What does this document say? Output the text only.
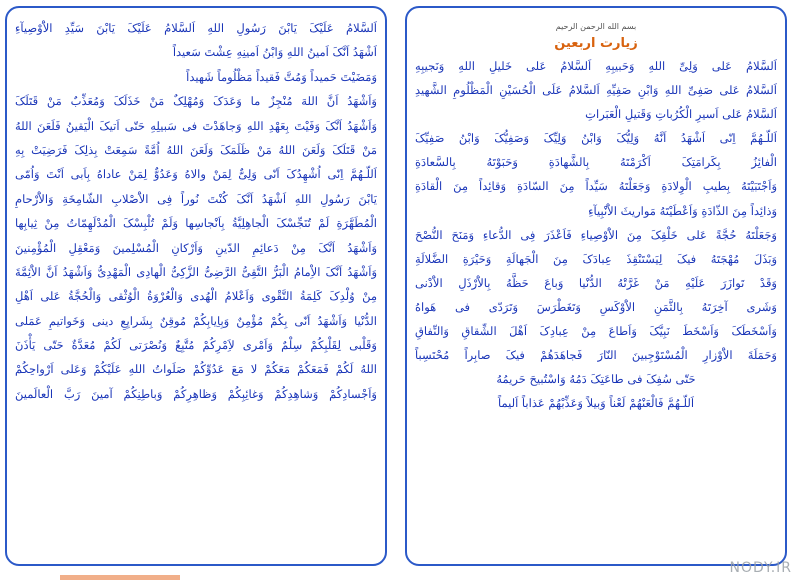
اَلسَّلامُ عَلَیْکَ یَابْنَ رَسُولِ اللهِ اَلسَّلامُ عَلَیْکَ یَابْنَ سَیِّدِ الاَْوْصِیآءِ
اَشْهَدُ اَنَّکَ اَمینُ اللهِ وَابْنُ اَمینِهِ عِشْتَ سَعیداً
وَمَضَیْتَ حَمیداً وَمُتَّ فَقیداً مَظْلُوماً شَهیداً
وَاَشْهَدُ اَنَّ اللهَ مُنْجِزٌ ما وَعَدَکَ وَمُهْلِکٌ مَنْ خَذَلَکَ وَمُعَذِّبٌ مَنْ قَتَلَکَ
وَاَشْهَدُ اَنَّکَ وَفَیْتَ بِعَهْدِ اللهِ وَجاهَدْتَ فی سَبیلِهِ حَتّی اَتیکَ الْیَقینُ فَلَعَنَ اللهُ
مَنْ قَتَلَکَ وَلَعَنَ اللهُ مَنْ ظَلَمَکَ وَلَعَنَ اللهُ اُمَّةً سَمِعَتْ بِذلِکَ فَرَضِیَتْ بِهِ
اَللّـهُمَّ اِنّی اُشْهِدُکَ اَنّی وَلِیٌّ لِمَنْ والاهُ وَعَدُوٌّ لِمَنْ عاداهُ بِاَبی اَنْتَ وَاُمّی
یَابْنَ رَسُولِ اللهِ اَشْهَدُ اَنَّکَ کُنْتَ نُوراً فِی الاَْصْلابِ الشّامِخَةِ وَالاَْرْحامِ
الْمُطَهَّرَةِ لَمْ تُنَجِّسْکَ الْجاهِلِیَّةُ بِاَنْجاسِها وَلَمْ تُلْبِسْکَ الْمُدْلَهِمّاتُ مِنْ ثِیابِها
وَاَشْهَدُ اَنَّکَ مِنْ دَعائِمِ الدّینِ وَاَرْکانِ الْمُسْلِمینَ وَمَعْقِلِ الْمُؤْمِنینَ
وَاَشْهَدُ اَنَّکَ الاِْمامُ الْبَرُّ التَّقِیُّ الرَّضِیُّ الزَّکِیُّ الْهادِی الْمَهْدِیُّ وَاَشْهَدُ اَنَّ الاَْئِمَّةَ
مِنْ وُلْدِکَ کَلِمَةُ التَّقْوی وَاَعْلامُ الْهُدی وَالْعُرْوَةُ الْوُثْقی وَالْحُجَّةُ عَلی اَهْلِ
الدُّنْیا وَاَشْهَدُ اَنّی بِکُمْ مُؤْمِنٌ وَبِاِیابِکُمْ مُوقِنٌ بِشَرایِعِ دینی وَخَواتیمِ عَمَلی
وَقَلْبی لِقَلْبِکُمْ سِلْمٌ وَاَمْری لاَِمْرِکُمْ مُتَّبِعٌ وَنُصْرَتی لَکُمْ مُعَدَّةٌ حَتّی یَأْذَنَ
اللهُ لَکُمْ فَمَعَکُمْ مَعَکُمْ لا مَعَ عَدُوِّکُمْ صَلَواتُ اللهِ عَلَیْکُمْ وَعَلی اَرْواحِکُمْ
وَاَجْسادِکُمْ وَشاهِدِکُمْ وَغائِبِکُمْ وَظاهِرِکُمْ وَباطِنِکُمْ آمینَ رَبَّ الْعالَمینَ
بسم الله الرحمن الرحیم
زیارت اربعین
اَلسَّلامُ عَلی وَلِیِّ اللهِ وَحَبیبِهِ اَلسَّلامُ عَلی خَلیلِ اللهِ وَنَجیبِهِ
اَلسَّلامُ عَلی صَفِیِّ اللهِ وَابْنِ صَفِیِّهِ اَلسَّلامُ عَلَی الْحُسَیْنِ الْمَظْلُومِ الشَّهیدِ
اَلسَّلامُ عَلی اَسیرِ الْکُرُباتِ وَقَتیلِ الْعَبَراتِ
اَللّـهُمَّ اِنّی اَشْهَدُ اَنَّهُ وَلِیُّکَ وَابْنُ وَلِیِّکَ وَصَفِیُّکَ وَابْنُ صَفِیِّکَ
الْفائِزُ بِکَرامَتِکَ اَکْرَمْتَهُ بِالشَّهادَةِ وَحَبَوْتَهُ بِالسَّعادَةِ
وَاَجْتَبَیْتَهُ بِطیبِ الْوِلادَةِ وَجَعَلْتَهُ سَیِّداً مِنَ السّادَةِ وَقائِداً مِنَ الْقادَةِ
وَذائِداً مِنَ الذّادَةِ وَاَعْطَیْتَهُ مَواریثَ الاَْنْبِیآءِ
وَجَعَلْتَهُ حُجَّةً عَلی خَلْقِکَ مِنَ الاَْوْصِیاءِ فَاَعْذَرَ فِی الدُّعاءِ وَمَنَحَ النُّصْحَ
وَبَذَلَ مُهْجَتَهُ فیکَ لِیَسْتَنْقِذَ عِبادَکَ مِنَ الْجَهالَةِ وَحَیْرَةِ الضَّلالَةِ
وَقَدْ تَوازَرَ عَلَیْهِ مَنْ غَرَّتْهُ الدُّنْیا وَباعَ حَظَّهُ بِالاَْرْذَلِ الاَْدْنی
وَشَری آخِرَتَهُ بِالثَّمَنِ الاَْوْکَسِ وَتَغَطْرَسَ وَتَرَدّی فی هَواهُ
وَاَسْخَطَکَ وَاَسْخَطَ نَبِیَّکَ وَاَطاعَ مِنْ عِبادِکَ اَهْلَ الشِّقاقِ وَالنِّفاقِ
وَحَمَلَةَ الاَْوْزارِ الْمُسْتَوْجِبینَ النّارَ فَجاهَدَهُمْ فیکَ صابِراً مُحْتَسِباً
حَتّی سُفِکَ فی طاعَتِکَ دَمُهُ وَاسْتُبیحَ حَریمُهُ
اَللّـهُمَّ فَالْعَنْهُمْ لَعْناً وَبیلاً وَعَذِّبْهُمْ عَذاباً اَلیماً
NODY.IR
